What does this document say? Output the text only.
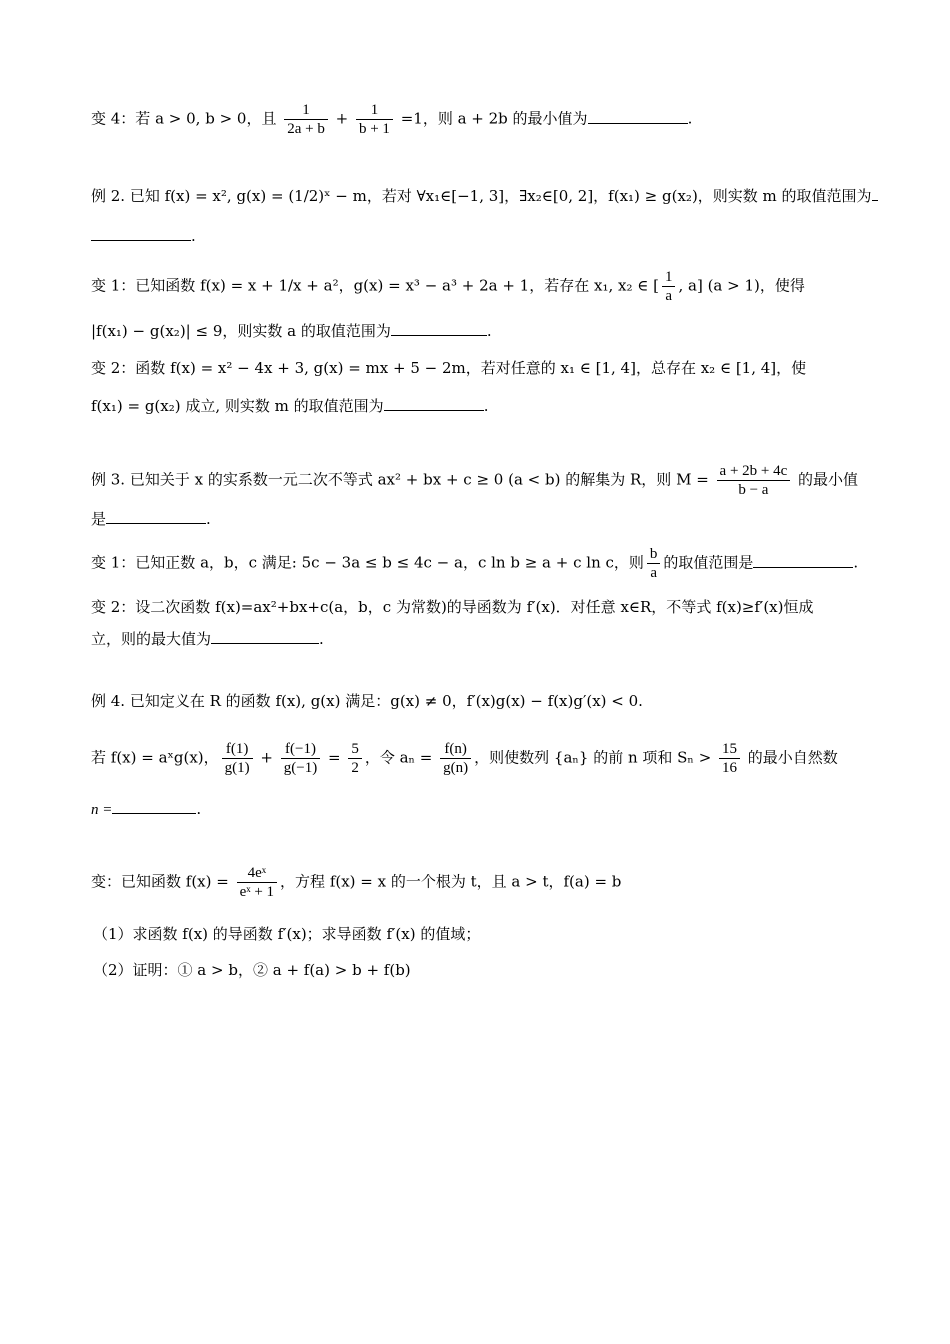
变 4：若 a > 0, b > 0，且 $\frac{1}{2a + b} + \frac{1}{b + 1} =1$，则 a + 2b 的最小值为	.
例 2. 已知 f(x) = x², g(x) = (1/2)ˣ − m，若对 ∀x₁∈[−1, 3]，∃x₂∈[0, 2]，f(x₁) ≥ g(x₂)，则实数 m 的取值范围为
.
变 1：已知函数 f(x) = x + 1/x + a²，g(x) = x³ − a³ + 2a + 1，若存在 x₁, x₂ ∈ [ $\frac{1}{a}$ , a] (a > 1)，使得
|f(x₁) − g(x₂)| ≤ 9，则实数 a 的取值范围为	.
变 2：函数 f(x) = x² − 4x + 3, g(x) = mx + 5 − 2m，若对任意的 x₁ ∈ [1, 4]，总存在 x₂ ∈ [1, 4]，使
f(x₁) = g(x₂) 成立, 则实数 m 的取值范围为	.
例 3. 已知关于 x 的实系数一元二次不等式 ax² + bx + c ≥ 0 (a < b) 的解集为 R，则 $M = \frac{a + 2b + 4c}{b - a}$ 的最小值
是	.
变 1：已知正数 a，b，c 满足: 5c − 3a ≤ b ≤ 4c − a，c ln b ≥ a + c ln c，则 $\frac{b}{a}$ 的取值范围是	.
变 2：设二次函数 f(x)=ax²+bx+c(a，b，c 为常数)的导函数为 f′(x)．对任意 x∈R，不等式 f(x)≥f′(x)恒成
立，则的最大值为	.
例 4. 已知定义在 R 的函数 f(x), g(x) 满足：g(x) ≠ 0，f′(x)g(x) − f(x)g′(x) < 0.
若 f(x) = aˣg(x)， $\frac{f(1)}{g(1)} + \frac{f(-1)}{g(-1)} = \frac{5}{2}$ ，令 $a_n = \frac{f(n)}{g(n)}$ ，则使数列 {aₙ} 的前 n 项和 $S_n > \frac{15}{16}$ 的最小自然数
n =	.
变：已知函数 $f(x) = \frac{\text{4eˣ}}{\text{eˣ + 1}}$ ，方程 f(x) = x 的一个根为 t，且 a > t，f(a) = b
（1）求函数 f(x) 的导函数 f′(x)；求导函数 f′(x) 的值域；
（2）证明：① a > b，② a + f(a) > b + f(b)
